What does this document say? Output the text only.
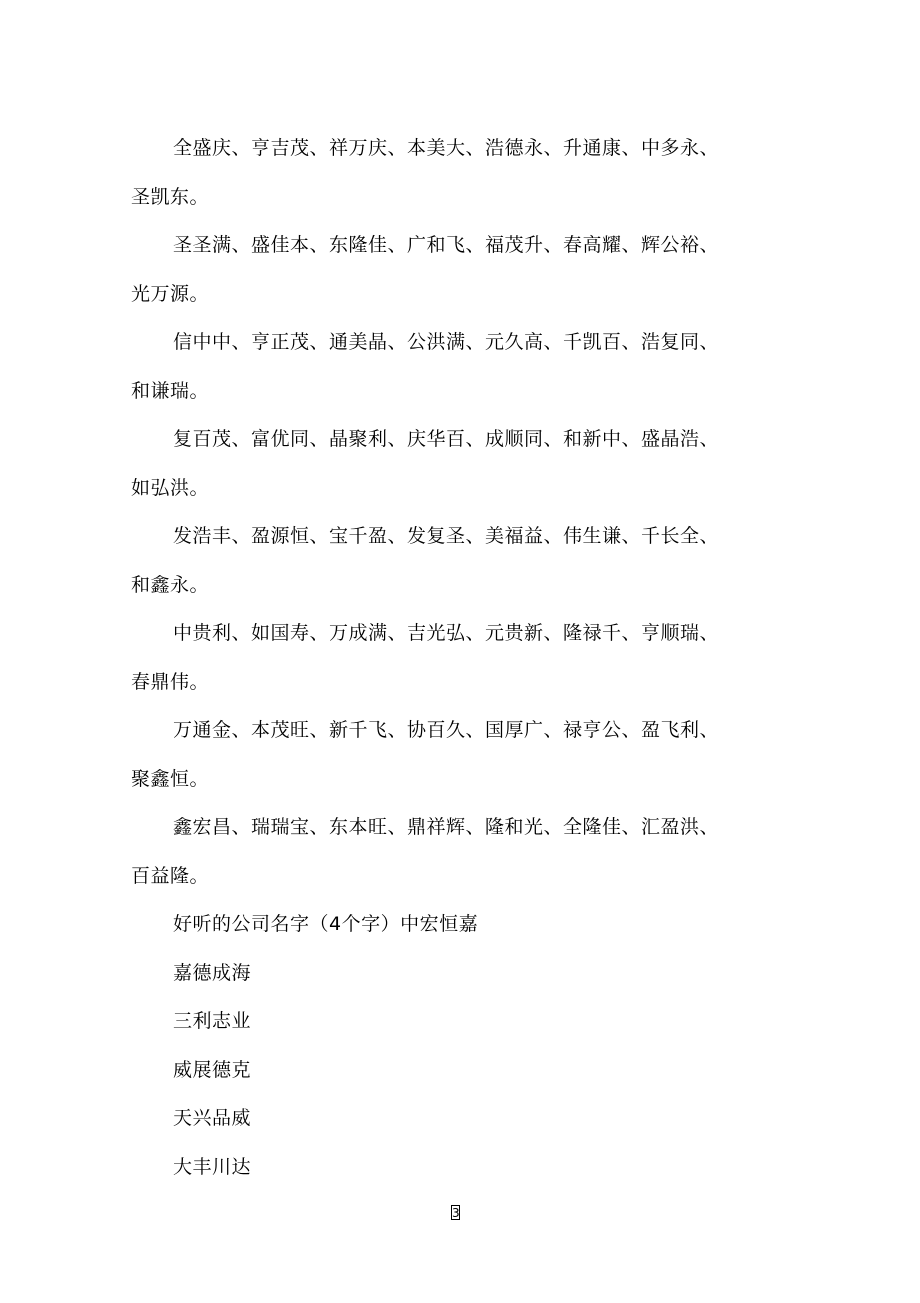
全盛庆、亨吉茂、祥万庆、本美大、浩德永、升通康、中多永、圣凯东。

圣圣满、盛佳本、东隆佳、广和飞、福茂升、春高耀、辉公裕、光万源。

信中中、亨正茂、通美晶、公洪满、元久高、千凯百、浩复同、和谦瑞。

复百茂、富优同、晶聚利、庆华百、成顺同、和新中、盛晶浩、如弘洪。

发浩丰、盈源恒、宝千盈、发复圣、美福益、伟生谦、千长全、和鑫永。

中贵利、如国寿、万成满、吉光弘、元贵新、隆禄千、亨顺瑞、春鼎伟。

万通金、本茂旺、新千飞、协百久、国厚广、禄亨公、盈飞利、聚鑫恒。

鑫宏昌、瑞瑞宝、东本旺、鼎祥辉、隆和光、全隆佳、汇盈洪、百益隆。

好听的公司名字（4个字）中宏恒嘉

嘉德成海

三利志业

威展德克

天兴品威

大丰川达

3
